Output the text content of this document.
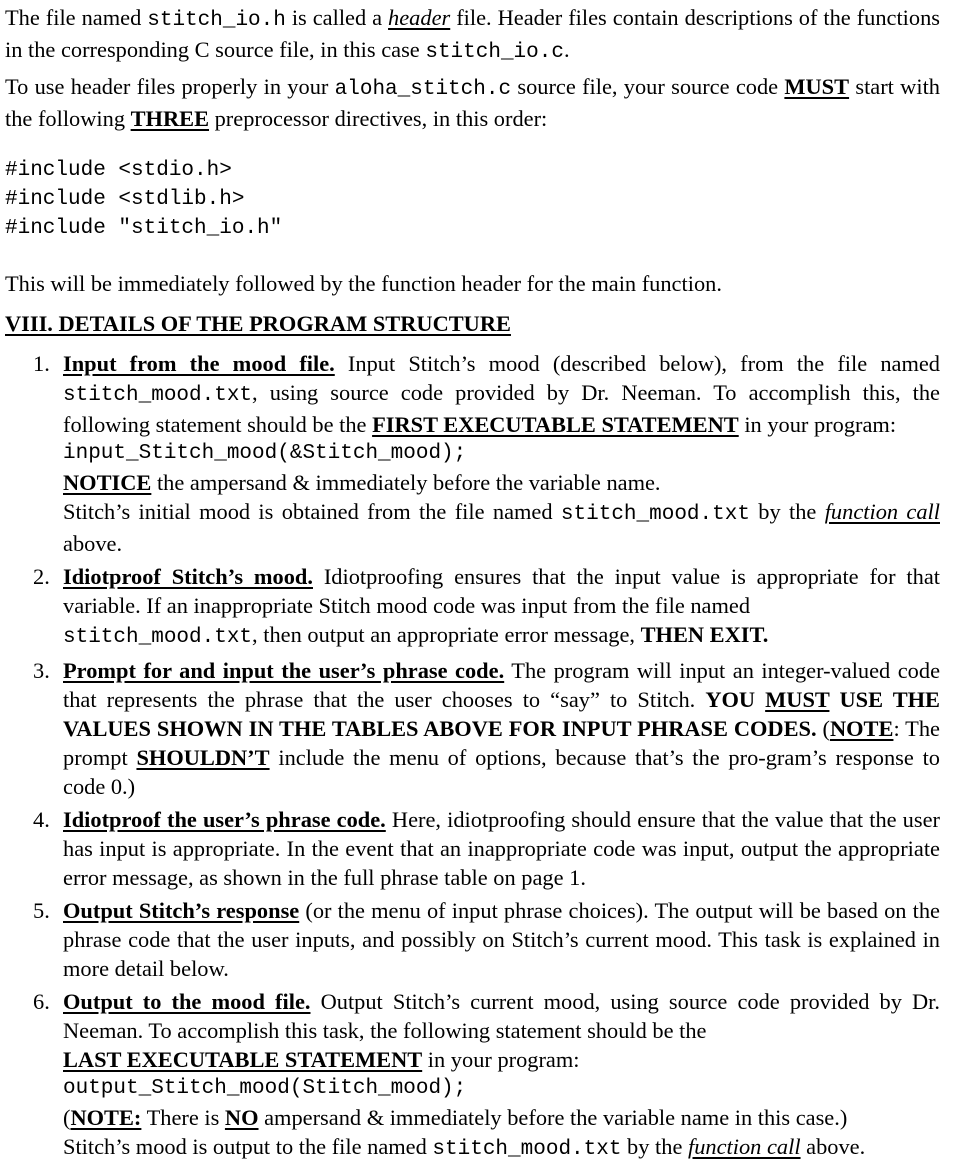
The file named stitch_io.h is called a header file. Header files contain descriptions of the functions in the corresponding C source file, in this case stitch_io.c.
To use header files properly in your aloha_stitch.c source file, your source code MUST start with the following THREE preprocessor directives, in this order:
#include <stdio.h>
#include <stdlib.h>
#include "stitch_io.h"
This will be immediately followed by the function header for the main function.
VIII. DETAILS OF THE PROGRAM STRUCTURE
1. Input from the mood file. Input Stitch’s mood (described below), from the file named stitch_mood.txt, using source code provided by Dr. Neeman. To accomplish this, the following statement should be the FIRST EXECUTABLE STATEMENT in your program:
input_Stitch_mood(&Stitch_mood);
NOTICE the ampersand & immediately before the variable name.
Stitch’s initial mood is obtained from the file named stitch_mood.txt by the function call above.
2. Idiotproof Stitch’s mood. Idiotproofing ensures that the input value is appropriate for that variable. If an inappropriate Stitch mood code was input from the file named
stitch_mood.txt, then output an appropriate error message, THEN EXIT.
3. Prompt for and input the user’s phrase code. The program will input an integer-valued code that represents the phrase that the user chooses to “say” to Stitch. YOU MUST USE THE VALUES SHOWN IN THE TABLES ABOVE FOR INPUT PHRASE CODES. (NOTE: The prompt SHOULDN’T include the menu of options, because that’s the pro-gram’s response to code 0.)
4. Idiotproof the user’s phrase code. Here, idiotproofing should ensure that the value that the user has input is appropriate. In the event that an inappropriate code was input, output the appropriate error message, as shown in the full phrase table on page 1.
5. Output Stitch’s response (or the menu of input phrase choices). The output will be based on the phrase code that the user inputs, and possibly on Stitch’s current mood. This task is explained in more detail below.
6. Output to the mood file. Output Stitch’s current mood, using source code provided by Dr. Neeman. To accomplish this task, the following statement should be the
LAST EXECUTABLE STATEMENT in your program:
output_Stitch_mood(Stitch_mood);
(NOTE: There is NO ampersand & immediately before the variable name in this case.)
Stitch’s mood is output to the file named stitch_mood.txt by the function call above.
